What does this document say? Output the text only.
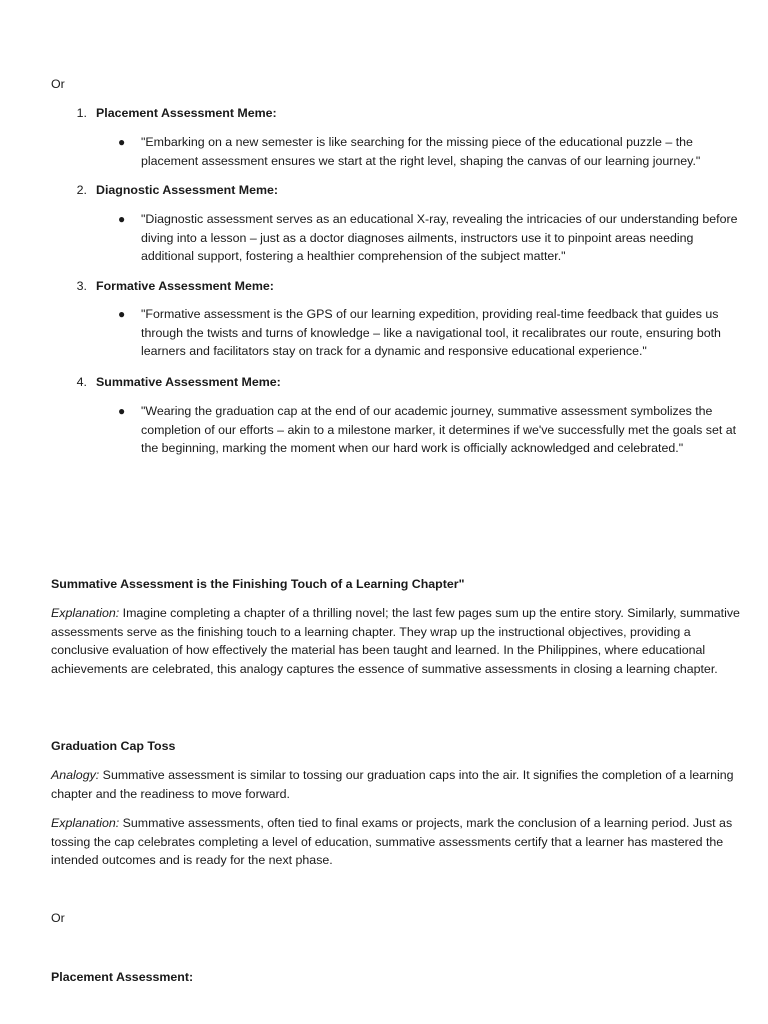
Or

1. Placement Assessment Meme:
● "Embarking on a new semester is like searching for the missing piece of the educational puzzle – the placement assessment ensures we start at the right level, shaping the canvas of our learning journey."
2. Diagnostic Assessment Meme:
● "Diagnostic assessment serves as an educational X-ray, revealing the intricacies of our understanding before diving into a lesson – just as a doctor diagnoses ailments, instructors use it to pinpoint areas needing additional support, fostering a healthier comprehension of the subject matter."
3. Formative Assessment Meme:
● "Formative assessment is the GPS of our learning expedition, providing real-time feedback that guides us through the twists and turns of knowledge – like a navigational tool, it recalibrates our route, ensuring both learners and facilitators stay on track for a dynamic and responsive educational experience."
4. Summative Assessment Meme:
● "Wearing the graduation cap at the end of our academic journey, summative assessment symbolizes the completion of our efforts – akin to a milestone marker, it determines if we've successfully met the goals set at the beginning, marking the moment when our hard work is officially acknowledged and celebrated."

Summative Assessment is the Finishing Touch of a Learning Chapter"

Explanation: Imagine completing a chapter of a thrilling novel; the last few pages sum up the entire story. Similarly, summative assessments serve as the finishing touch to a learning chapter. They wrap up the instructional objectives, providing a conclusive evaluation of how effectively the material has been taught and learned. In the Philippines, where educational achievements are celebrated, this analogy captures the essence of summative assessments in closing a learning chapter.

Graduation Cap Toss

Analogy: Summative assessment is similar to tossing our graduation caps into the air. It signifies the completion of a learning chapter and the readiness to move forward.

Explanation: Summative assessments, often tied to final exams or projects, mark the conclusion of a learning period. Just as tossing the cap celebrates completing a level of education, summative assessments certify that a learner has mastered the intended outcomes and is ready for the next phase.

Or

Placement Assessment:
